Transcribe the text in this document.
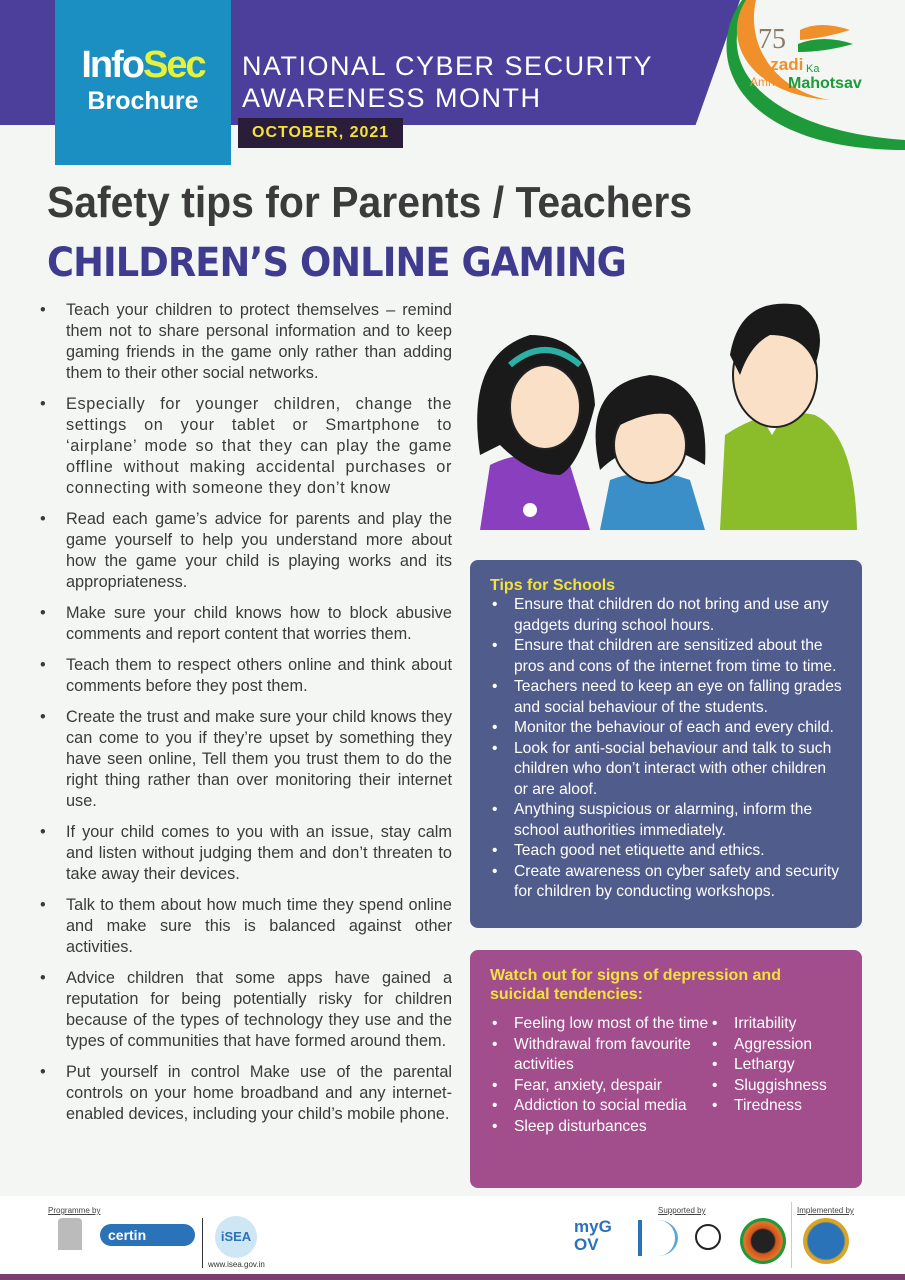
InfoSec
Brochure
NATIONAL CYBER SECURITY
AWARENESS MONTH
OCTOBER, 2021
75
Azadi Ka
Amrit Mahotsav
Safety tips for Parents / Teachers
CHILDREN’S ONLINE GAMING
• Teach your children to protect themselves – remind them not to share personal information and to keep gaming friends in the game only rather than adding them to their other social networks.
• Especially for younger children, change the settings on your tablet or Smartphone to ‘airplane’ mode so that they can play the game offline without making accidental purchases or connecting with someone they don’t know
• Read each game’s advice for parents and play the game yourself to help you understand more about how the game your child is playing works and its appropriateness.
• Make sure your child knows how to block abusive comments and report content that worries them.
• Teach them to respect others online and think about comments before they post them.
• Create the trust and make sure your child knows they can come to you if they’re upset by something they have seen online, Tell them you trust them to do the right thing rather than over monitoring their internet use.
• If your child comes to you with an issue, stay calm and listen without judging them and don’t threaten to take away their devices.
• Talk to them about how much time they spend online and make sure this is balanced against other activities.
• Advice children that some apps have gained a reputation for being potentially risky for children because of the types of technology they use and the types of communities that have formed around them.
• Put yourself in control Make use of the parental controls on your home broadband and any internet-enabled devices, including your child’s mobile phone.
Tips for Schools
• Ensure that children do not bring and use any gadgets during school hours.
• Ensure that children are sensitized about the pros and cons of the internet from time to time.
• Teachers need to keep an eye on falling grades and social behaviour of the students.
• Monitor the behaviour of each and every child.
• Look for anti-social behaviour and talk to such children who don’t interact with other children or are aloof.
• Anything suspicious or alarming, inform the school authorities immediately.
• Teach good net etiquette and ethics.
• Create awareness on cyber safety and security for children by conducting workshops.
Watch out for signs of depression and suicidal tendencies:
• Feeling low most of the time
• Withdrawal from favourite activities
• Fear, anxiety, despair
• Addiction to social media
• Sleep disturbances
• Irritability
• Aggression
• Lethargy
• Sluggishness
• Tiredness
Programme by
certin	iSEA
www.isea.gov.in
Supported by
myGOV
Implemented by
